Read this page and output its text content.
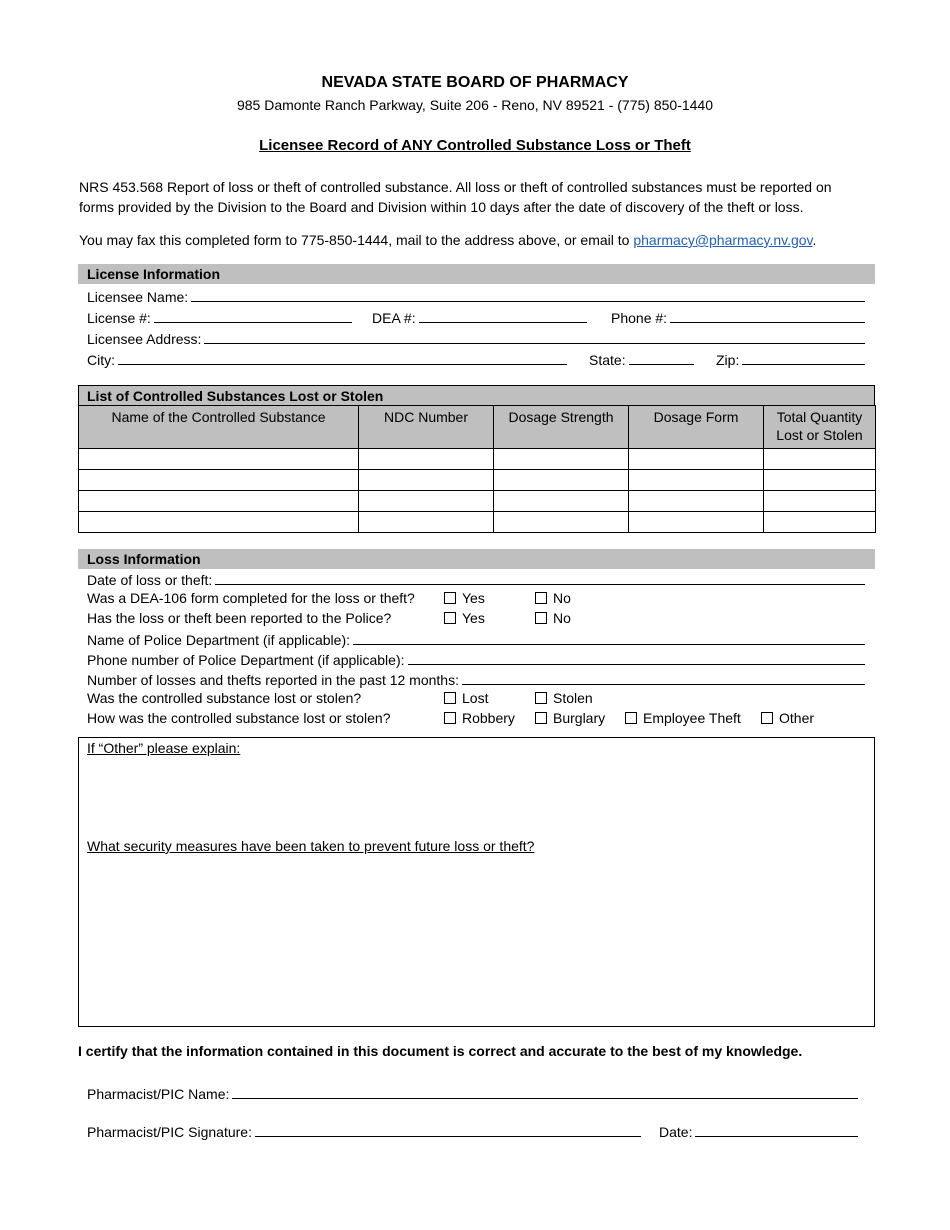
NEVADA STATE BOARD OF PHARMACY
985 Damonte Ranch Parkway, Suite 206 - Reno, NV 89521 - (775) 850-1440
Licensee Record of ANY Controlled Substance Loss or Theft
NRS 453.568 Report of loss or theft of controlled substance. All loss or theft of controlled substances must be reported on forms provided by the Division to the Board and Division within 10 days after the date of discovery of the theft or loss.
You may fax this completed form to 775-850-1444, mail to the address above, or email to pharmacy@pharmacy.nv.gov.
License Information
Licensee Name:
License #:	DEA #:	Phone #:
Licensee Address:
City:	State:	Zip:
List of Controlled Substances Lost or Stolen
Name of the Controlled Substance	NDC Number	Dosage Strength	Dosage Form	Total Quantity Lost or Stolen

Loss Information
Date of loss or theft:
Was a DEA-106 form completed for the loss or theft?	Yes	No
Has the loss or theft been reported to the Police?	Yes	No
Name of Police Department (if applicable):
Phone number of Police Department (if applicable):
Number of losses and thefts reported in the past 12 months:
Was the controlled substance lost or stolen?	Lost	Stolen
How was the controlled substance lost or stolen?	Robbery	Burglary	Employee Theft	Other
If “Other” please explain:
What security measures have been taken to prevent future loss or theft?
I certify that the information contained in this document is correct and accurate to the best of my knowledge.
Pharmacist/PIC Name:
Pharmacist/PIC Signature:	Date:
